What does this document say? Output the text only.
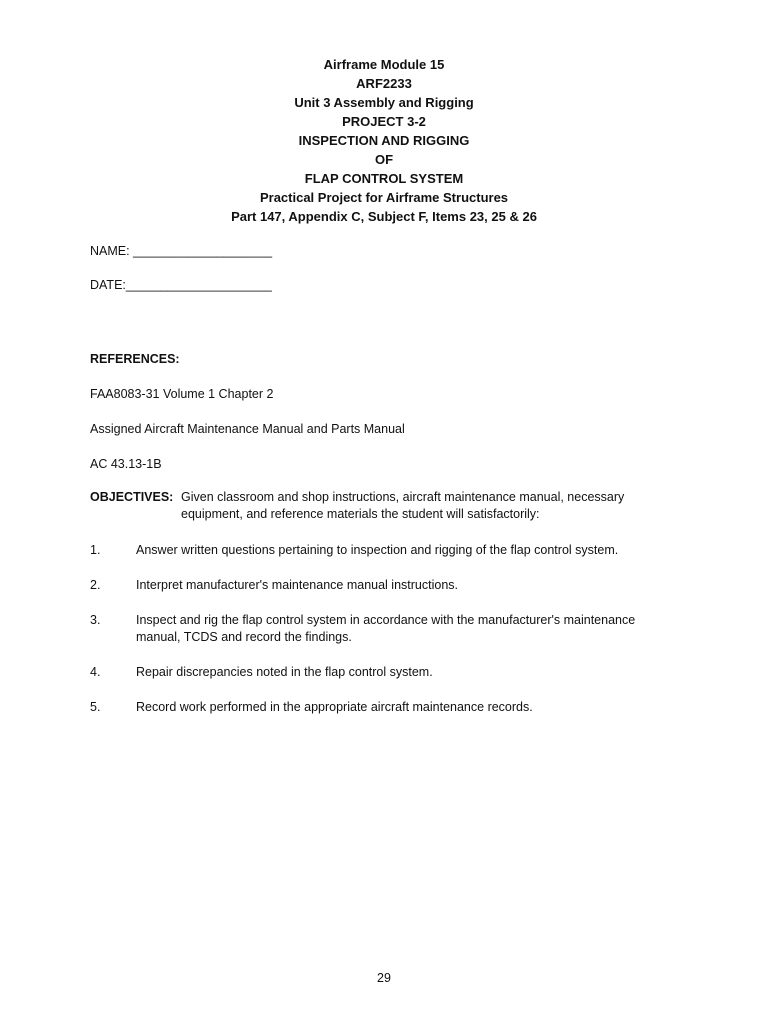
Airframe Module 15
ARF2233
Unit 3 Assembly and Rigging
PROJECT 3-2
INSPECTION AND RIGGING
OF
FLAP CONTROL SYSTEM
Practical Project for Airframe Structures
Part 147, Appendix C, Subject F, Items 23, 25 & 26
NAME: ____________________
DATE:_____________________
REFERENCES:
FAA8083-31 Volume 1 Chapter 2
Assigned Aircraft Maintenance Manual and Parts Manual
AC 43.13-1B
OBJECTIVES: Given classroom and shop instructions, aircraft maintenance manual, necessary equipment, and reference materials the student will satisfactorily:
1.	Answer written questions pertaining to inspection and rigging of the flap control system.
2.	Interpret manufacturer's maintenance manual instructions.
3.	Inspect and rig the flap control system in accordance with the manufacturer's maintenance manual, TCDS and record the findings.
4.	Repair discrepancies noted in the flap control system.
5.	Record work performed in the appropriate aircraft maintenance records.
29
